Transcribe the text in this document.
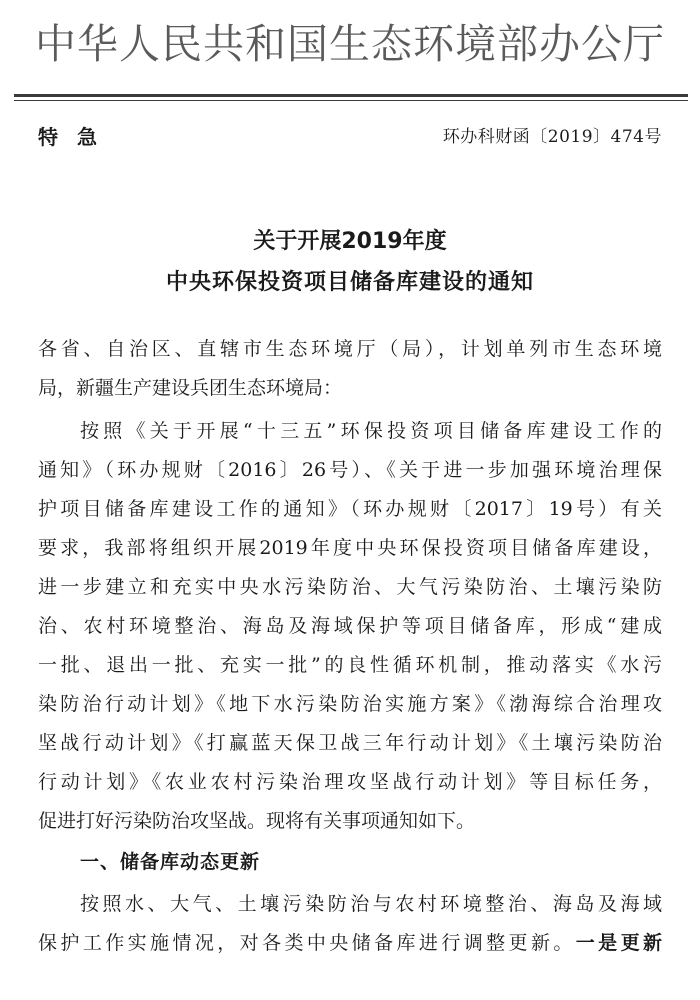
中华人民共和国生态环境部办公厅
特急	环办科财函〔2019〕474号
关于开展2019年度
中央环保投资项目储备库建设的通知
各省、自治区、直辖市生态环境厅（局），计划单列市生态环境
局，新疆生产建设兵团生态环境局：
按照《关于开展“十三五”环保投资项目储备库建设工作的
通知》（环办规财〔2016〕26号）、《关于进一步加强环境治理保
护项目储备库建设工作的通知》（环办规财〔2017〕19号）有关
要求，我部将组织开展2019年度中央环保投资项目储备库建设，
进一步建立和充实中央水污染防治、大气污染防治、土壤污染防
治、农村环境整治、海岛及海域保护等项目储备库，形成“建成
一批、退出一批、充实一批”的良性循环机制，推动落实《水污
染防治行动计划》《地下水污染防治实施方案》《渤海综合治理攻
坚战行动计划》《打赢蓝天保卫战三年行动计划》《土壤污染防治
行动计划》《农业农村污染治理攻坚战行动计划》等目标任务，
促进打好污染防治攻坚战。现将有关事项通知如下。
一、储备库动态更新
按照水、大气、土壤污染防治与农村环境整治、海岛及海域
保护工作实施情况，对各类中央储备库进行调整更新。一是更新
